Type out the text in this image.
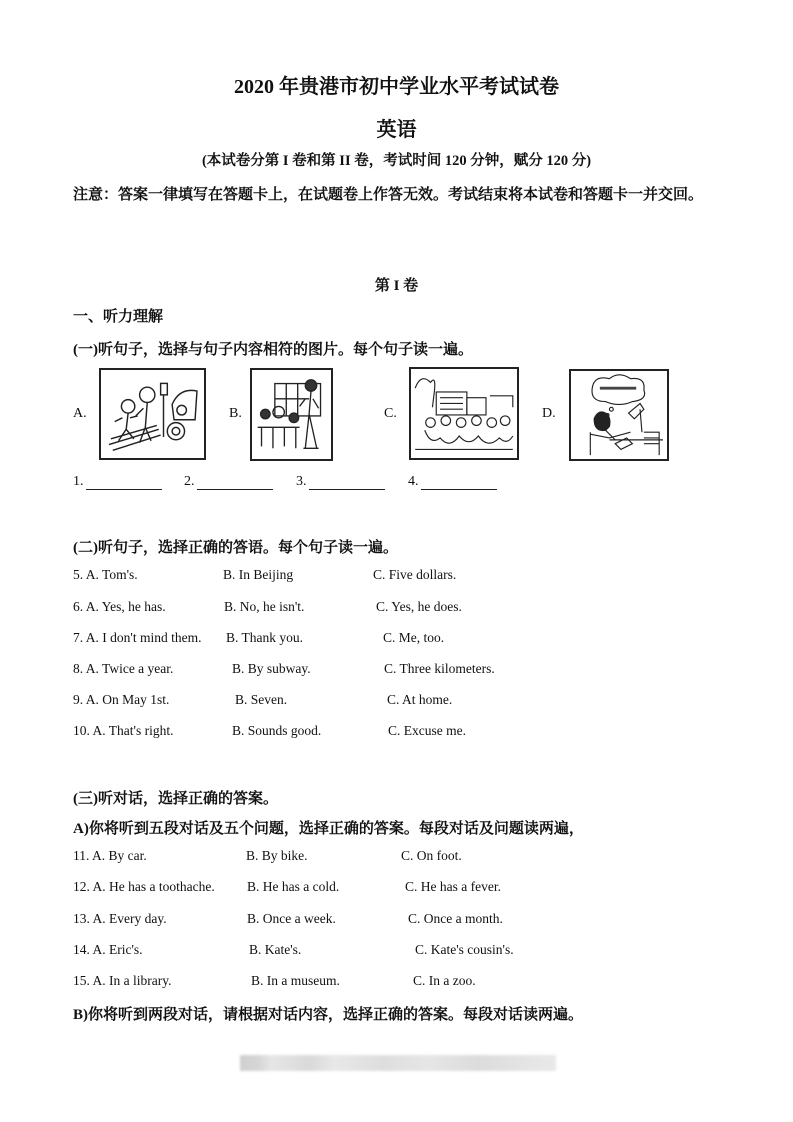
2020 年贵港市初中学业水平考试试卷
英语
(本试卷分第 I 卷和第 II 卷，考试时间 120 分钟，赋分 120 分)
注意：答案一律填写在答题卡上，在试题卷上作答无效。考试结束将本试卷和答题卡一并交回。
第 I 卷
一、听力理解
(一)听句子，选择与句子内容相符的图片。每个句子读一遍。
A.	B.	C.	D.
1.	2.	3.	4.
(二)听句子，选择正确的答语。每个句子读一遍。
5. A. Tom's.	B. In Beijing	C. Five dollars.
6. A. Yes, he has.	B. No, he isn't.	C. Yes, he does.
7. A. I don't mind them. B. Thank you.	C. Me, too.
8. A. Twice a year.	B. By subway.	C. Three kilometers.
9. A. On May 1st.	B. Seven.	C. At home.
10. A. That's right.	B. Sounds good.	C. Excuse me.
(三)听对话，选择正确的答案。
A)你将听到五段对话及五个问题，选择正确的答案。每段对话及问题读两遍，
11. A. By car.	B. By bike.	C. On foot.
12. A. He has a toothache. B. He has a cold.	C. He has a fever.
13. A. Every day.	B. Once a week.	C. Once a month.
14. A. Eric's.	B. Kate's.	C. Kate's cousin's.
15. A. In a library.	B. In a museum.	C. In a zoo.
B)你将听到两段对话，请根据对话内容，选择正确的答案。每段对话读两遍。
